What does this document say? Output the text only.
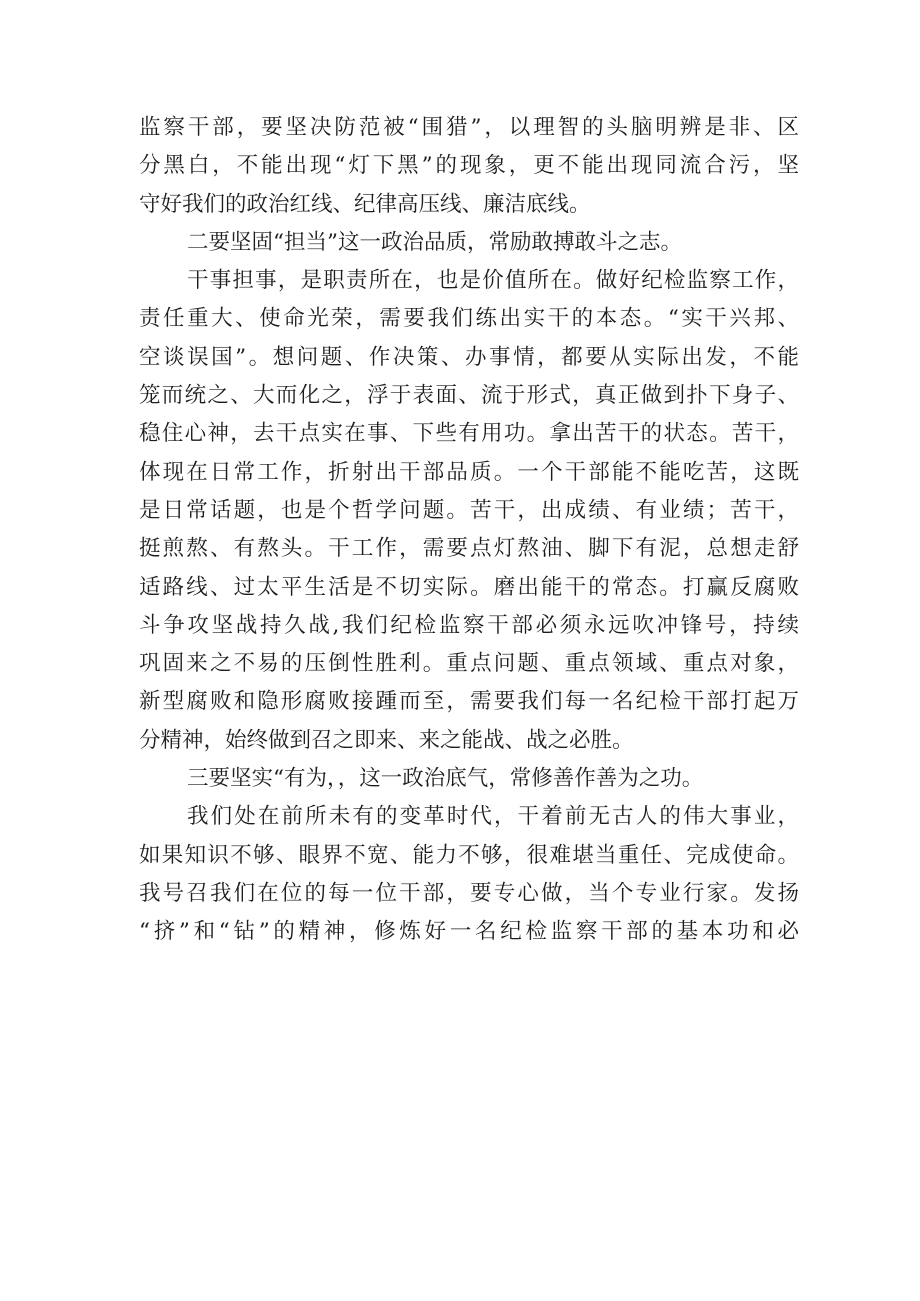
监察干部，要坚决防范被“围猎”，以理智的头脑明辨是非、区
分黑白，不能出现“灯下黑”的现象，更不能出现同流合污，坚
守好我们的政治红线、纪律高压线、廉洁底线。
二要坚固“担当”这一政治品质，常励敢搏敢斗之志。
干事担事，是职责所在，也是价值所在。做好纪检监察工作，
责任重大、使命光荣，需要我们练出实干的本态。“实干兴邦、
空谈误国”。想问题、作决策、办事情，都要从实际出发，不能
笼而统之、大而化之，浮于表面、流于形式，真正做到扑下身子、
稳住心神，去干点实在事、下些有用功。拿出苦干的状态。苦干，
体现在日常工作，折射出干部品质。一个干部能不能吃苦，这既
是日常话题，也是个哲学问题。苦干，出成绩、有业绩；苦干，
挺煎熬、有熬头。干工作，需要点灯熬油、脚下有泥，总想走舒
适路线、过太平生活是不切实际。磨出能干的常态。打赢反腐败
斗争攻坚战持久战,我们纪检监察干部必须永远吹冲锋号，持续
巩固来之不易的压倒性胜利。重点问题、重点领域、重点对象，
新型腐败和隐形腐败接踵而至，需要我们每一名纪检干部打起万
分精神，始终做到召之即来、来之能战、战之必胜。
三要坚实“有为，，这一政治底气，常修善作善为之功。
我们处在前所未有的变革时代，干着前无古人的伟大事业，
如果知识不够、眼界不宽、能力不够，很难堪当重任、完成使命。
我号召我们在位的每一位干部，要专心做，当个专业行家。发扬
“挤”和“钻”的精神，修炼好一名纪检监察干部的基本功和必
